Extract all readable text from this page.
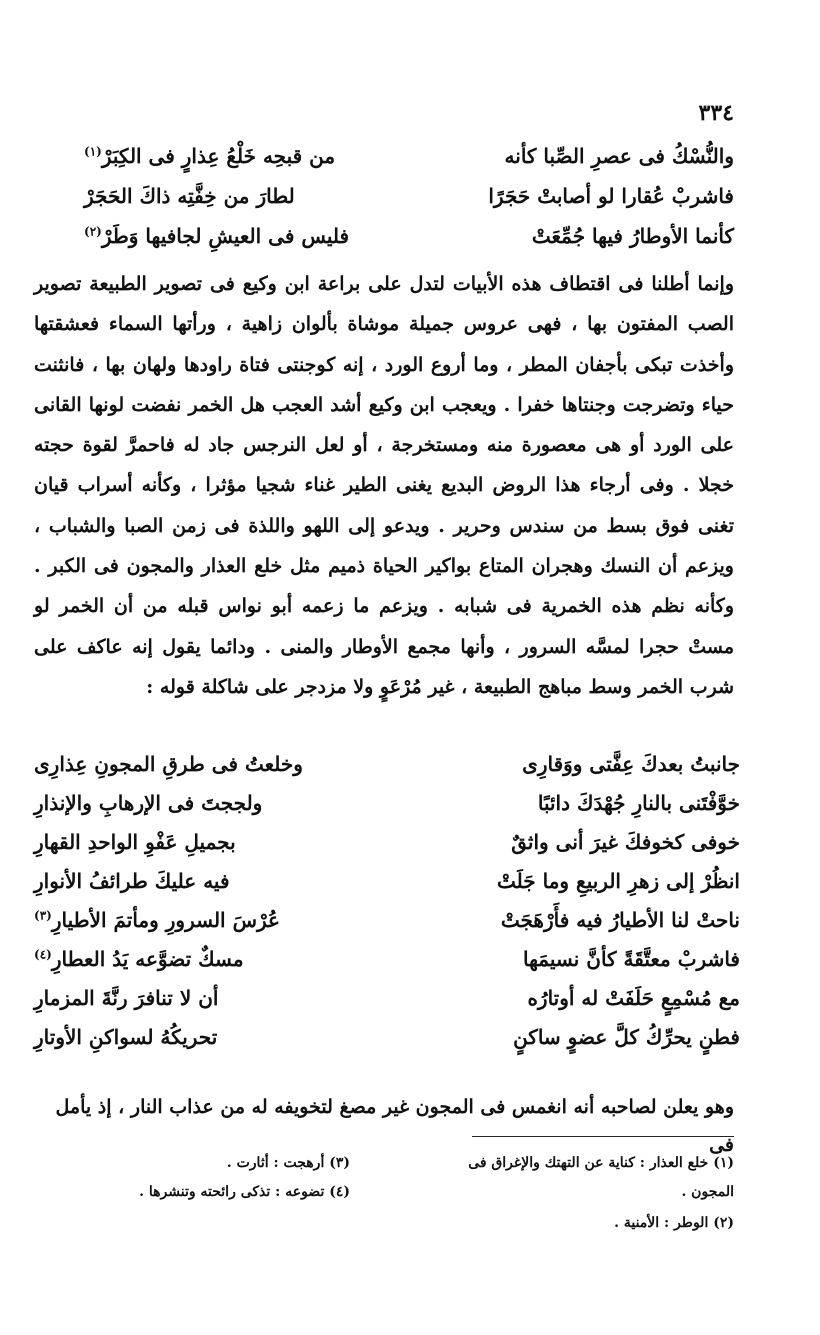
٣٣٤
والنُّسْكُ فى عصرِ الصِّبا كأنه
من قبحِه خَلْعُ عِذارٍ فى الكِبَرْ$^{(١)}$
فاشربْ عُقارا لو أصابتْ حَجَرًا
لطارَ من خِفَّتِه ذاكَ الحَجَرْ
كأنما الأوطارُ فيها جُمِّعَتْ
فليس فى العيشِ لجافيها وَطَرْ$^{(٢)}$

وإنما أطلنا فى اقتطاف هذه الأبيات لتدل على براعة ابن وكيع فى تصوير الطبيعة تصوير الصب المفتون بها ، فهى عروس جميلة موشاة بألوان زاهية ، ورأتها السماء فعشقتها وأخذت تبكى بأجفان المطر ، وما أروع الورد ، إنه كوجنتى فتاة راودها ولهان بها ، فانثنت حياء وتضرجت وجنتاها خفرا . ويعجب ابن وكيع أشد العجب هل الخمر نفضت لونها القانى على الورد أو هى معصورة منه ومستخرجة ، أو لعل النرجس جاد له فاحمرَّ لقوة حجته خجلا . وفى أرجاء هذا الروض البديع يغنى الطير غناء شجيا مؤثرا ، وكأنه أسراب قيان تغنى فوق بسط من سندس وحرير . ويدعو إلى اللهو واللذة فى زمن الصبا والشباب ، ويزعم أن النسك وهجران المتاع بواكير الحياة ذميم مثل خلع العذار والمجون فى الكبر . وكأنه نظم هذه الخمرية فى شبابه . ويزعم ما زعمه أبو نواس قبله من أن الخمر لو مستْ حجرا لمسَّه السرور ، وأنها مجمع الأوطار والمنى . ودائما يقول إنه عاكف على شرب الخمر وسط مباهج الطبيعة ، غير مُرْعَوٍ ولا مزدجر على شاكلة قوله :

جانبتُ بعدكَ عِفَّتى ووَقارِى
وخلعتُ فى طرقِ المجونِ عِذارِى
خوَّفْتَنى بالنارِ جُهْدَكَ دائبًا
ولججتَ فى الإرهابِ والإنذارِ
خوفى كخوفكَ غيرَ أنى واثقٌ
بجميلِ عَفْوِ الواحدِ القهارِ
انظُرْ إلى زهرِ الربيعِ وما جَلَتْ
فيه عليكَ طرائفُ الأنوارِ
ناحتْ لنا الأطيارُ فيه فأَرْهَجَتْ
عُرْسَ السرورِ ومأتمَ الأطيارِ$^{(٣)}$
فاشربْ معتَّقَةً كأنَّ نسيمَها
مسكٌ تضوَّعه يَدُ العطارِ$^{(٤)}$
مع مُسْمِعٍ حَلَفَتْ له أوتارُه
أن لا تنافرَ رنَّةَ المزمارِ
فطنٍ يحرِّكُ كلَّ عضوٍ ساكنٍ
تحريكُهُ لسواكنِ الأوتارِ
وهو يعلن لصاحبه أنه انغمس فى المجون غير مصغ لتخويفه له من عذاب النار ، إذ يأمل فى
(١) خلع العذار : كناية عن التهتك والإغراق فى
المجون .
(٢) الوطر : الأمنية .
(٣) أرهجت : أثارت .
(٤) تضوعه : تذكى رائحته وتنشرها .
